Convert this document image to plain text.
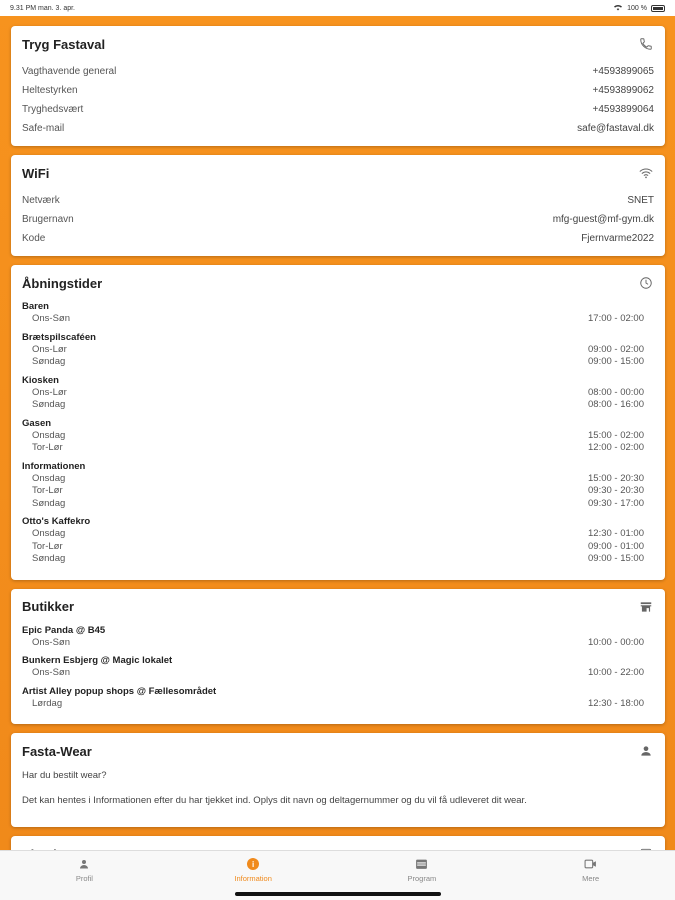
9.31 PM man. 3. apr.	100 %
Tryg Fastaval
Vagthavende general	+4593899065
Heltestyrken	+4593899062
Tryghedsvært	+4593899064
Safe-mail	safe@fastaval.dk
WiFi
Netværk	SNET
Brugernavn	mfg-guest@mf-gym.dk
Kode	Fjernvarme2022
Åbningstider
Baren
Ons-Søn	17:00 - 02:00
Brætspilscaféen
Ons-Lør	09:00 - 02:00
Søndag	09:00 - 15:00
Kiosken
Ons-Lør	08:00 - 00:00
Søndag	08:00 - 16:00
Gasen
Onsdag	15:00 - 02:00
Tor-Lør	12:00 - 02:00
Informationen
Onsdag	15:00 - 20:30
Tor-Lør	09:30 - 20:30
Søndag	09:30 - 17:00
Otto's Kaffekro
Onsdag	12:30 - 01:00
Tor-Lør	09:00 - 01:00
Søndag	09:00 - 15:00
Butikker
Epic Panda @ B45
Ons-Søn	10:00 - 00:00
Bunkern Esbjerg @ Magic lokalet
Ons-Søn	10:00 - 22:00
Artist Alley popup shops @ Fællesområdet
Lørdag	12:30 - 18:00
Fasta-Wear
Har du bestilt wear?
Det kan hentes i Informationen efter du har tjekket ind. Oplys dit navn og deltagernummer og du vil få udleveret dit wear.
Profil
i
Information	Program	Mere
